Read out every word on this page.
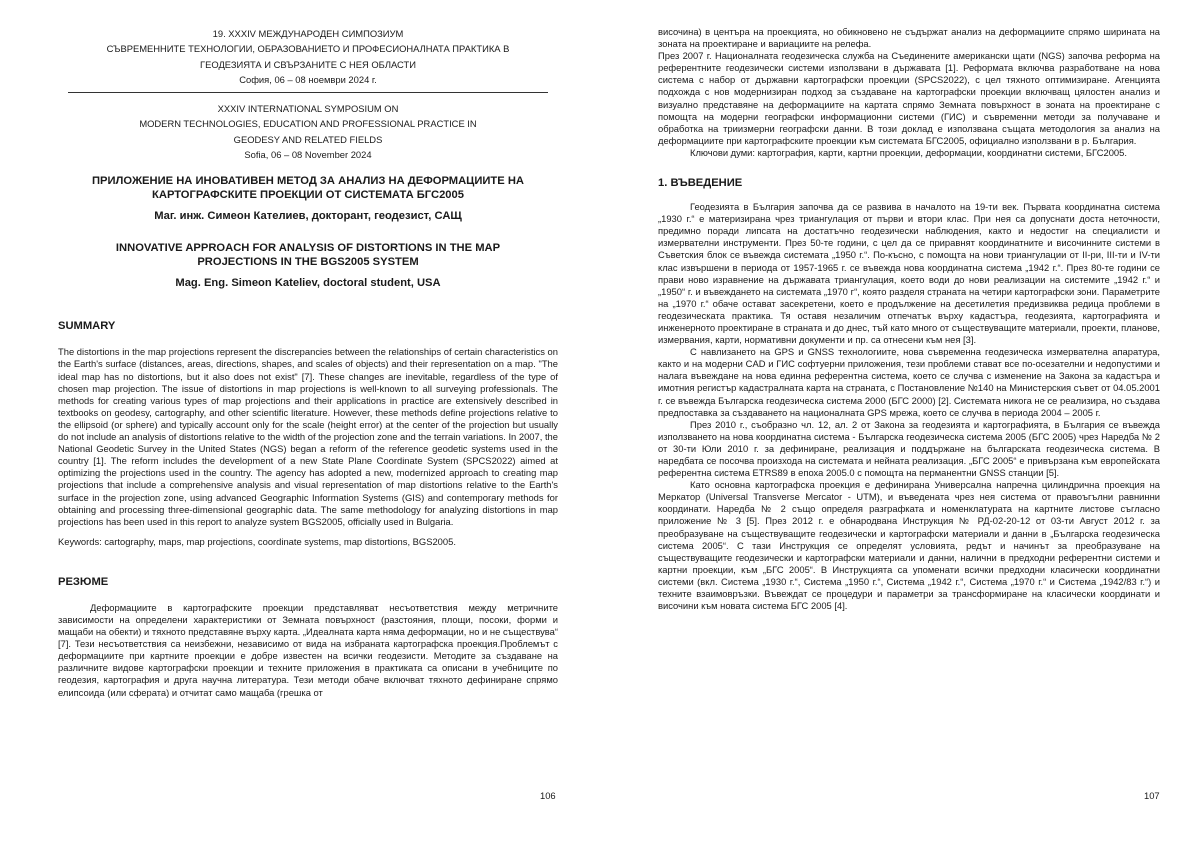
19. XXXIV МЕЖДУНАРОДЕН СИМПОЗИУМ
СЪВРЕМЕННИТЕ ТЕХНОЛОГИИ, ОБРАЗОВАНИЕТО И ПРОФЕСИОНАЛНАТА ПРАКТИКА В
ГЕОДЕЗИЯТА И СВЪРЗАНИТЕ С НЕЯ ОБЛАСТИ
София, 06 – 08 ноември 2024 г.
XXXIV INTERNATIONAL SYMPOSIUM ON
MODERN TECHNOLOGIES, EDUCATION AND PROFESSIONAL PRACTICE IN
GEODESY AND RELATED FIELDS
Sofia, 06 – 08 November 2024
ПРИЛОЖЕНИЕ НА ИНОВАТИВЕН МЕТОД ЗА АНАЛИЗ НА ДЕФОРМАЦИИТЕ НА КАРТОГРАФСКИТЕ ПРОЕКЦИИ ОТ СИСТЕМАТА БГС2005
Маг. инж. Симеон Кателиев, докторант, геодезист, САЩ
INNOVATIVE APPROACH FOR ANALYSIS OF DISTORTIONS IN THE MAP PROJECTIONS IN THE BGS2005 SYSTEM
Mag. Eng. Simeon Kateliev, doctoral student, USA
SUMMARY

The distortions in the map projections represent the discrepancies between the relationships of certain characteristics on the Earth's surface (distances, areas, directions, shapes, and scales of objects) and their representation on a map. "The ideal map has no distortions, but it also does not exist" [7]. These changes are inevitable, regardless of the type of chosen map projection. The issue of distortions in map projections is well-known to all surveying professionals. The methods for creating various types of map projections and their applications in practice are extensively described in textbooks on geodesy, cartography, and other scientific literature. However, these methods define projections relative to the ellipsoid (or sphere) and typically account only for the scale (height error) at the center of the projection but usually do not include an analysis of distortions relative to the width of the projection zone and the terrain variations. In 2007, the National Geodetic Survey in the United States (NGS) began a reform of the reference geodetic systems used in the country [1]. The reform includes the development of a new State Plane Coordinate System (SPCS2022) aimed at optimizing the projections used in the country. The agency has adopted a new, modernized approach to creating map projections that include a comprehensive analysis and visual representation of map distortions relative to the Earth's surface in the projection zone, using advanced Geographic Information Systems (GIS) and contemporary methods for obtaining and processing three-dimensional geographic data. The same methodology for analyzing distortions in map projections has been used in this report to analyze system BGS2005, officially used in Bulgaria.

Keywords: cartography, maps, map projections, coordinate systems, map distortions, BGS2005.

РЕЗЮМЕ

Деформациите в картографските проекции представляват несъответствия между метричните зависимости на определени характеристики от Земната повърхност (разстояния, площи, посоки, форми и мащаби на обекти) и тяхното представяне върху карта. „Идеалната карта няма деформации, но и не съществува“ [7]. Тези несъответствия са неизбежни, независимо от вида на избраната картографска проекция.Проблемът с деформациите при картните проекции е добре известен на всички геодезисти. Методите за създаване на различните видове картографски проекции и техните приложения в практиката са описани в учебниците по геодезия, картография и друга научна литература. Тези методи обаче включват тяхното дефиниране спрямо елипсоида (или сферата) и отчитат само мащаба (грешка от

106

височина) в центъра на проекцията, но обикновено не съдържат анализ на деформациите спрямо ширината на зоната на проектиране и вариациите на релефа.

През 2007 г. Националната геодезическа служба на Съединените американски щати (NGS) започва реформа на референтните геодезически системи използвани в държавата [1]. Реформата включва разработване на нова система с набор от държавни картографски проекции (SPCS2022), с цел тяхното оптимизиране. Агенцията подхожда с нов модернизиран подход за създаване на картографски проекции включващ цялостен анализ и визуално представяне на деформациите на картата спрямо Земната повърхност в зоната на проектиране с помощта на модерни географски информационни системи (ГИС) и съвременни методи за получаване и обработка на триизмерни географски данни. В този доклад е използвана същата методология за анализ на деформациите при картографските проекции към системата БГС2005, официално използвани в р. България.

Ключови думи: картография, карти, картни проекции, деформации, координатни системи, БГС2005.

1. ВЪВЕДЕНИЕ

Геодезията в България започва да се развива в началото на 19-ти век. Първата координатна система „1930 г.“ е материзирана чрез триангулация от първи и втори клас. При нея са допуснати доста неточности, предимно поради липсата на достатъчно геодезически наблюдения, както и недостиг на специалисти и измервателни инструменти. През 50-те години, с цел да се приравнят координатните и височинните системи в Съветския блок се въвежда системата „1950 г.“. По-късно, с помощта на нови триангулации от II-ри, III-ти и IV-ти клас извършени в периода от 1957-1965 г. се въвежда нова координатна система „1942 г.“. През 80-те години се прави ново изравнение на държавата триангулация, което води до нови реализации на системите „1942 г.“ и „1950“ г. и въвеждането на системата „1970 г“, която разделя страната на четири картографски зони. Параметрите на „1970 г.“ обаче остават засекретени, което е продължение на десетилетия предизвиква редица проблеми в геодезическата практика. Тя оставя незаличим отпечатък върху кадастъра, геодезията, картографията и инженерното проектиране в страната и до днес, тъй като много от съществуващите материали, проекти, планове, измервания, карти, нормативни документи и пр. са отнесени към нея [3].

С навлизането на GPS и GNSS технологиите, нова съвременна геодезическа измервателна апаратура, както и на модерни CAD и ГИС софтуерни приложения, тези проблеми стават все по-осезателни и недопустими и налага въвеждане на нова единна референтна система, което се случва с изменение на Закона за кадастъра и имотния регистър кадастралната карта на страната, с Постановление №140 на Министерския съвет от 04.05.2001 г. се въвежда Българска геодезическа система 2000 (БГС 2000) [2]. Системата никога не се реализира, но създава предпоставка за създаването на националната GPS мрежа, което се случва в периода 2004 – 2005 г.

През 2010 г., съобразно чл. 12, ал. 2 от Закона за геодезията и картографията, в България се въвежда използването на нова координатна система - Българска геодезическа система 2005 (БГС 2005) чрез Наредба № 2 от 30-ти Юли 2010 г. за дефиниране, реализация и поддържане на българската геодезическа система. В наредбата се посочва произхода на системата и нейната реализация. „БГС 2005“ е привързана към европейската референтна система ETRS89 в епоха 2005.0 с помощта на перманентни GNSS станции [5].

Като основна картографска проекция е дефинирана Универсална напречна цилиндрична проекция на Меркатор (Universal Transverse Mercator - UTM), и въведената чрез нея система от правоъгълни равнинни координати. Наредба № 2 също определя разграфката и номенклатурата на картните листове съгласно приложение № 3 [5]. През 2012 г. е обнародвана Инструкция № РД-02-20-12 от 03-ти Август 2012 г. за преобразуване на съществуващите геодезически и картографски материали и данни в „Българска геодезическа система 2005“. С тази Инструкция се определят условията, редът и начинът за преобразуване на съществуващите геодезически и картографски материали и данни, налични в предходни референтни системи и картни проекции, към „БГС 2005“. В Инструкцията са упоменати всички предходни класически координатни системи (вкл. Система „1930 г.“, Система „1950 г.“, Система „1942 г.“, Система „1970 г.“ и Система „1942/83 г.“) и техните взаимовръзки. Въвеждат се процедури и параметри за трансформиране на класически координати и височини към новата система БГС 2005 [4].

107
